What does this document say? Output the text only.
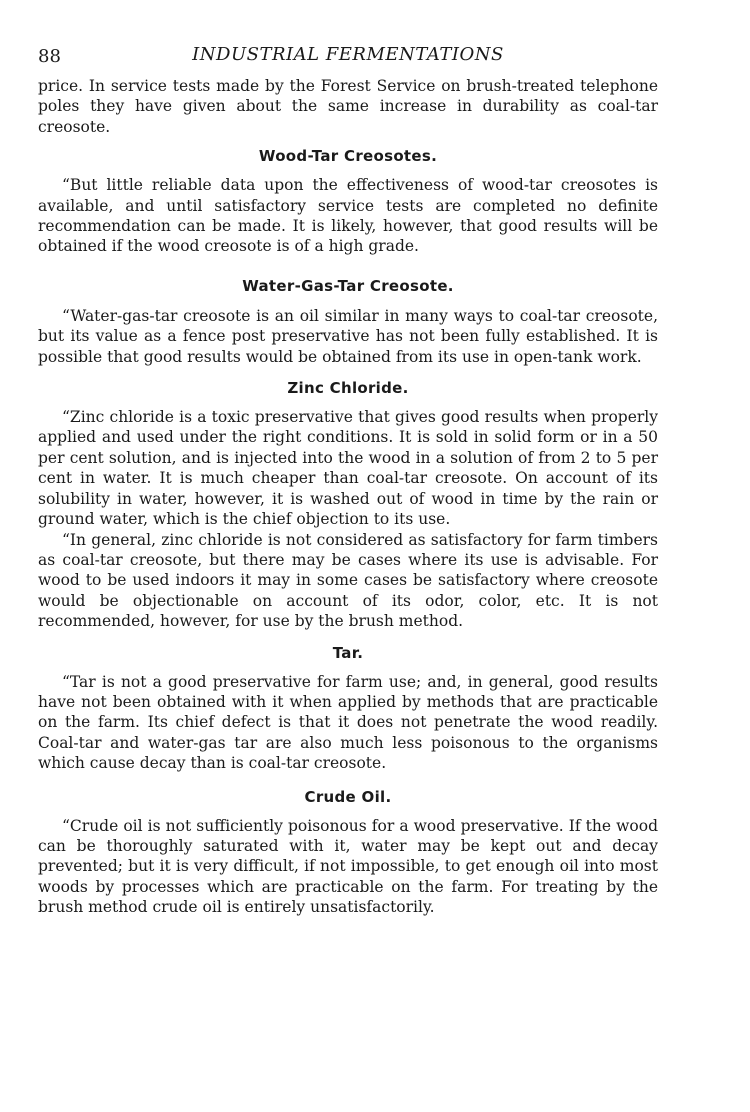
88	INDUSTRIAL FERMENTATIONS

price. In service tests made by the Forest Service on brush-treated telephone poles they have given about the same increase in durability as coal-tar creosote.

Wood-Tar Creosotes.

“But little reliable data upon the effectiveness of wood-tar creosotes is available, and until satisfactory service tests are completed no definite recommendation can be made. It is likely, however, that good results will be obtained if the wood creosote is of a high grade.

Water-Gas-Tar Creosote.

“Water-gas-tar creosote is an oil similar in many ways to coal-tar creosote, but its value as a fence post preservative has not been fully established. It is possible that good results would be obtained from its use in open-tank work.

Zinc Chloride.

“Zinc chloride is a toxic preservative that gives good results when properly applied and used under the right conditions. It is sold in solid form or in a 50 per cent solution, and is injected into the wood in a solution of from 2 to 5 per cent in water. It is much cheaper than coal-tar creosote. On account of its solubility in water, however, it is washed out of wood in time by the rain or ground water, which is the chief objection to its use.

“In general, zinc chloride is not considered as satisfactory for farm timbers as coal-tar creosote, but there may be cases where its use is advisable. For wood to be used indoors it may in some cases be satisfactory where creosote would be objectionable on account of its odor, color, etc. It is not recommended, however, for use by the brush method.

Tar.

“Tar is not a good preservative for farm use; and, in general, good results have not been obtained with it when applied by methods that are practicable on the farm. Its chief defect is that it does not penetrate the wood readily. Coal-tar and water-gas tar are also much less poisonous to the organisms which cause decay than is coal-tar creosote.

Crude Oil.

“Crude oil is not sufficiently poisonous for a wood preservative. If the wood can be thoroughly saturated with it, water may be kept out and decay prevented; but it is very difficult, if not impossible, to get enough oil into most woods by processes which are practicable on the farm. For treating by the brush method crude oil is entirely unsatisfactorily.
